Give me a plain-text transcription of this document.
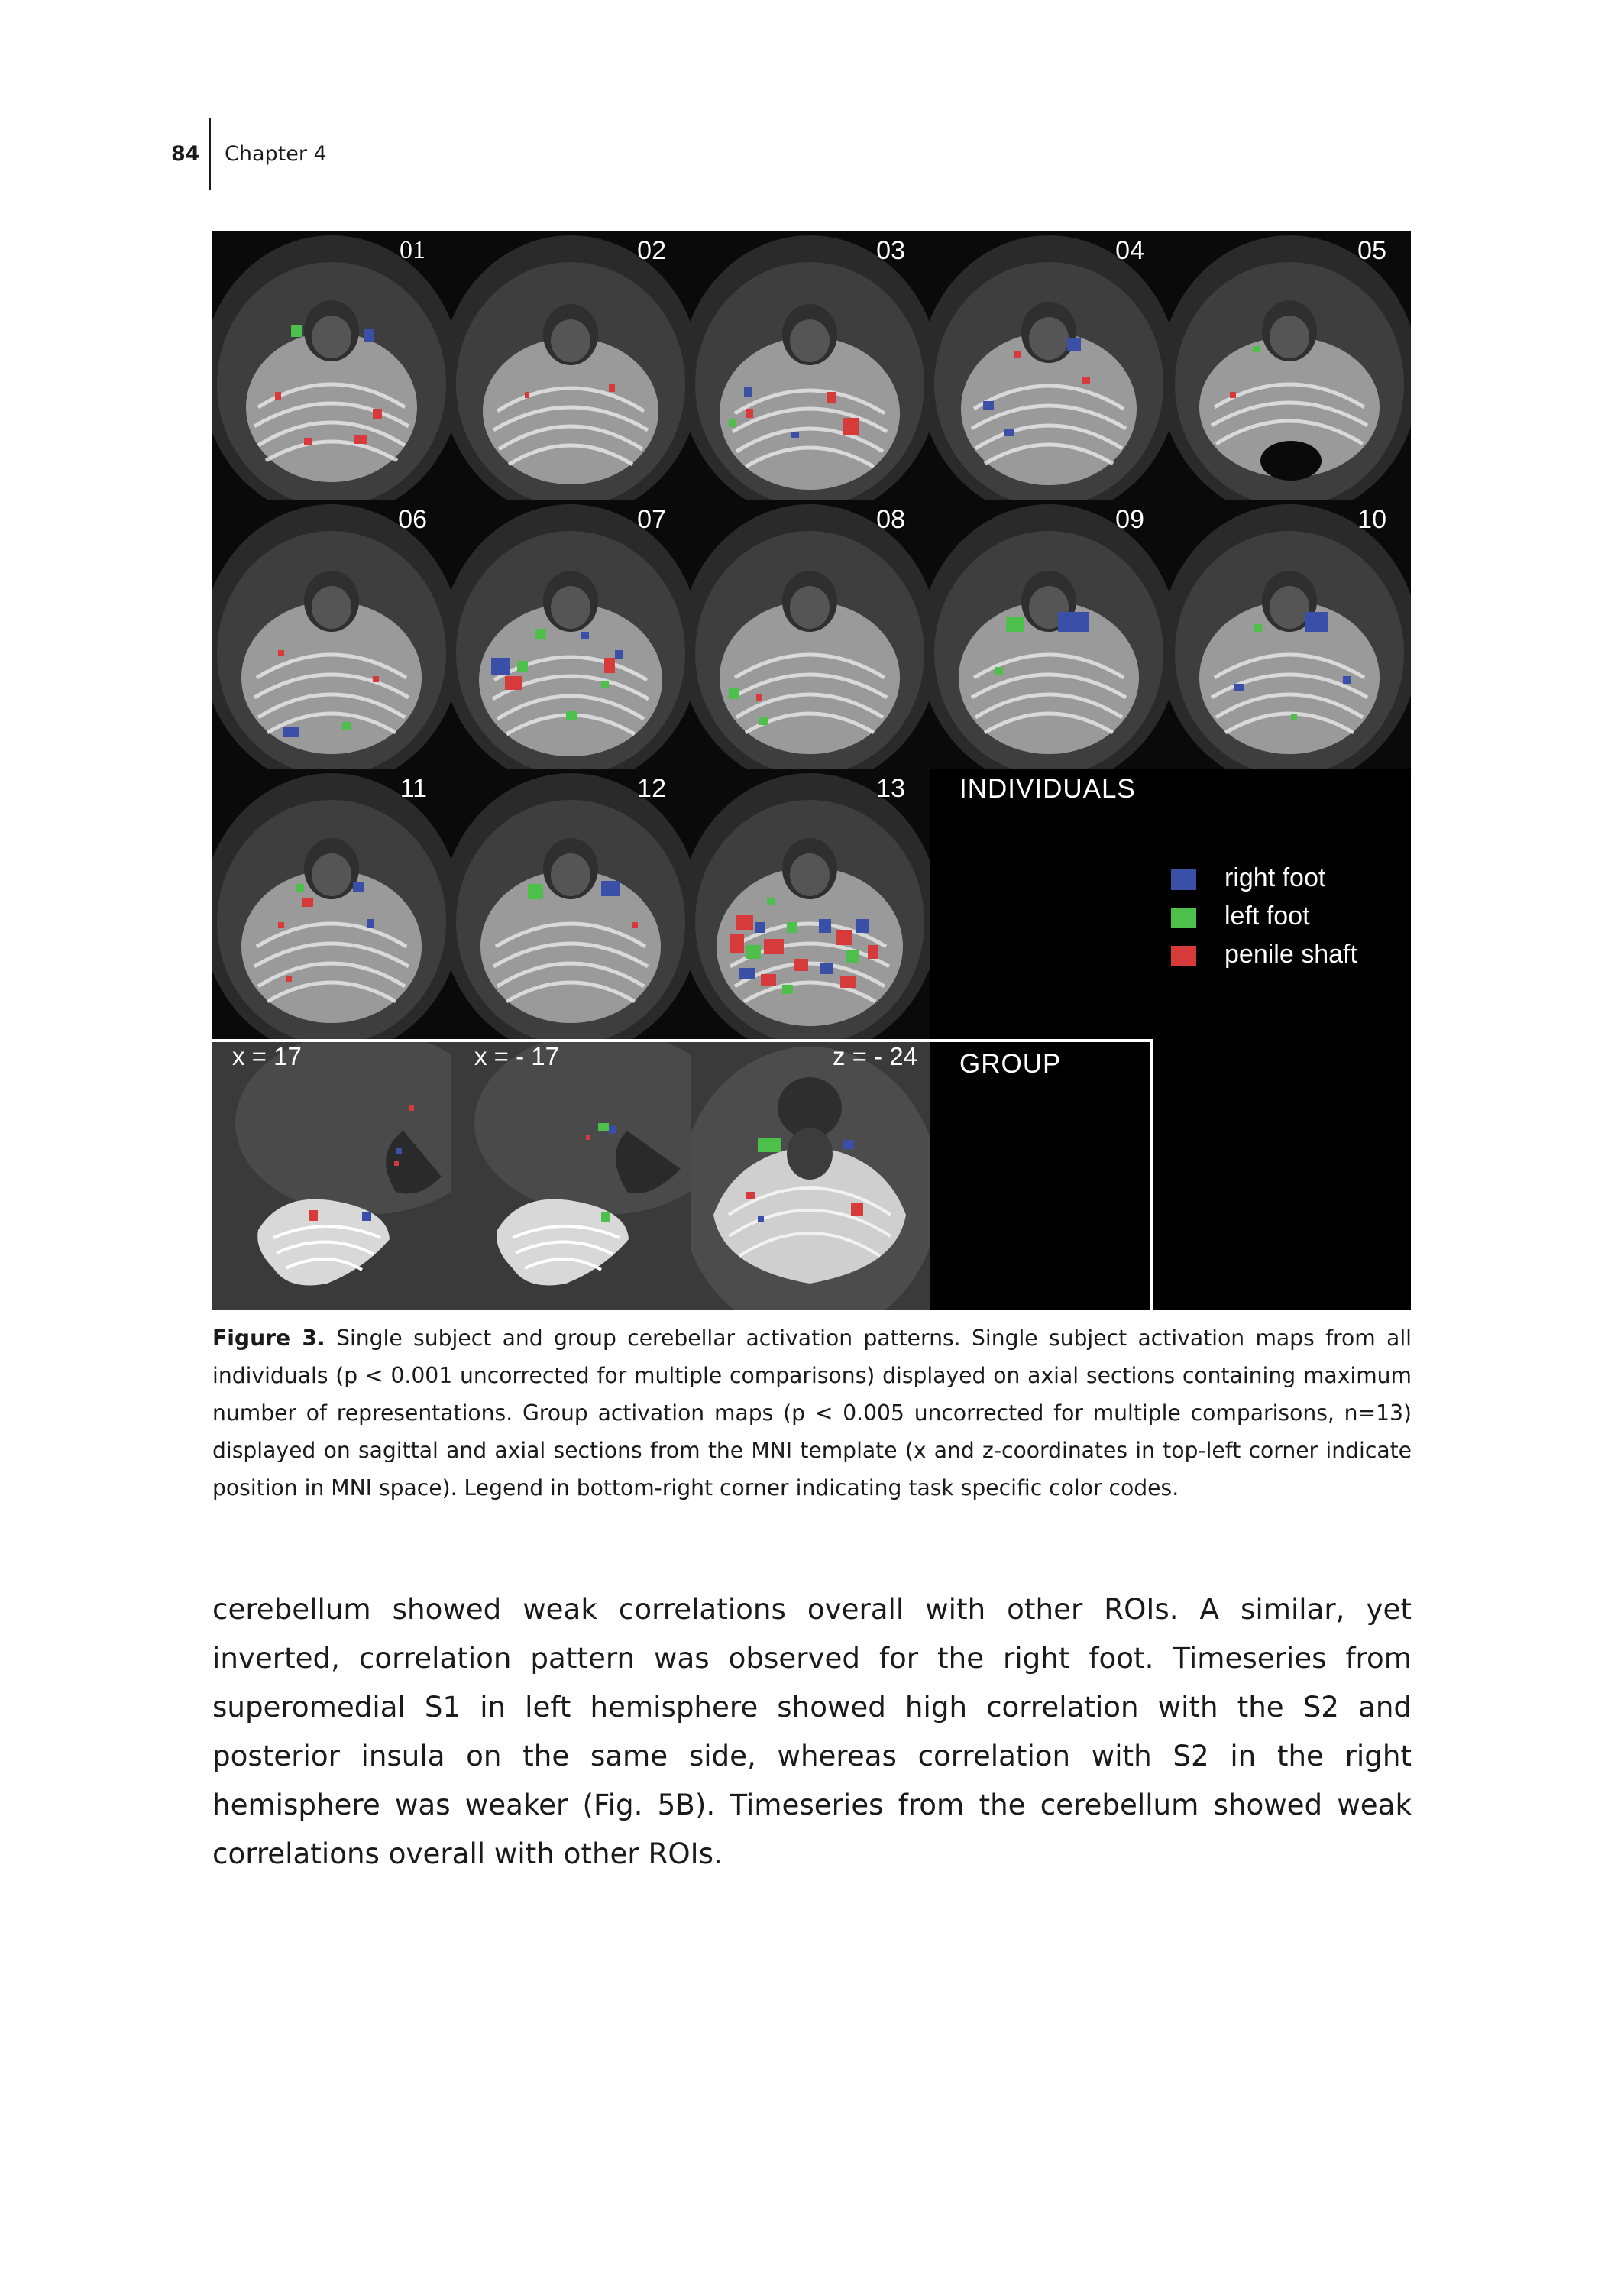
84 Chapter 4
01	02	03	04	05
06	07	08	09	10
11	12	13 INDIVIDUALS
right foot
left foot
penile shaft
x = 17	x = - 17	z = - 24 GROUP
Figure 3. Single subject and group cerebellar activation patterns. Single subject activation maps from all individuals (p < 0.001 uncorrected for multiple comparisons) displayed on axial sections containing maximum number of representations. Group activation maps (p < 0.005 uncorrected for multiple comparisons, n=13) displayed on sagittal and axial sections from the MNI template (x and z-coordinates in top-left corner indicate position in MNI space). Legend in bottom-right corner indicating task specific color codes.
cerebellum showed weak correlations overall with other ROIs. A similar, yet inverted, correlation pattern was observed for the right foot. Timeseries from superomedial S1 in left hemisphere showed high correlation with the S2 and posterior insula on the same side, whereas correlation with S2 in the right hemisphere was weaker (Fig. 5B). Timeseries from the cerebellum showed weak correlations overall with other ROIs.
